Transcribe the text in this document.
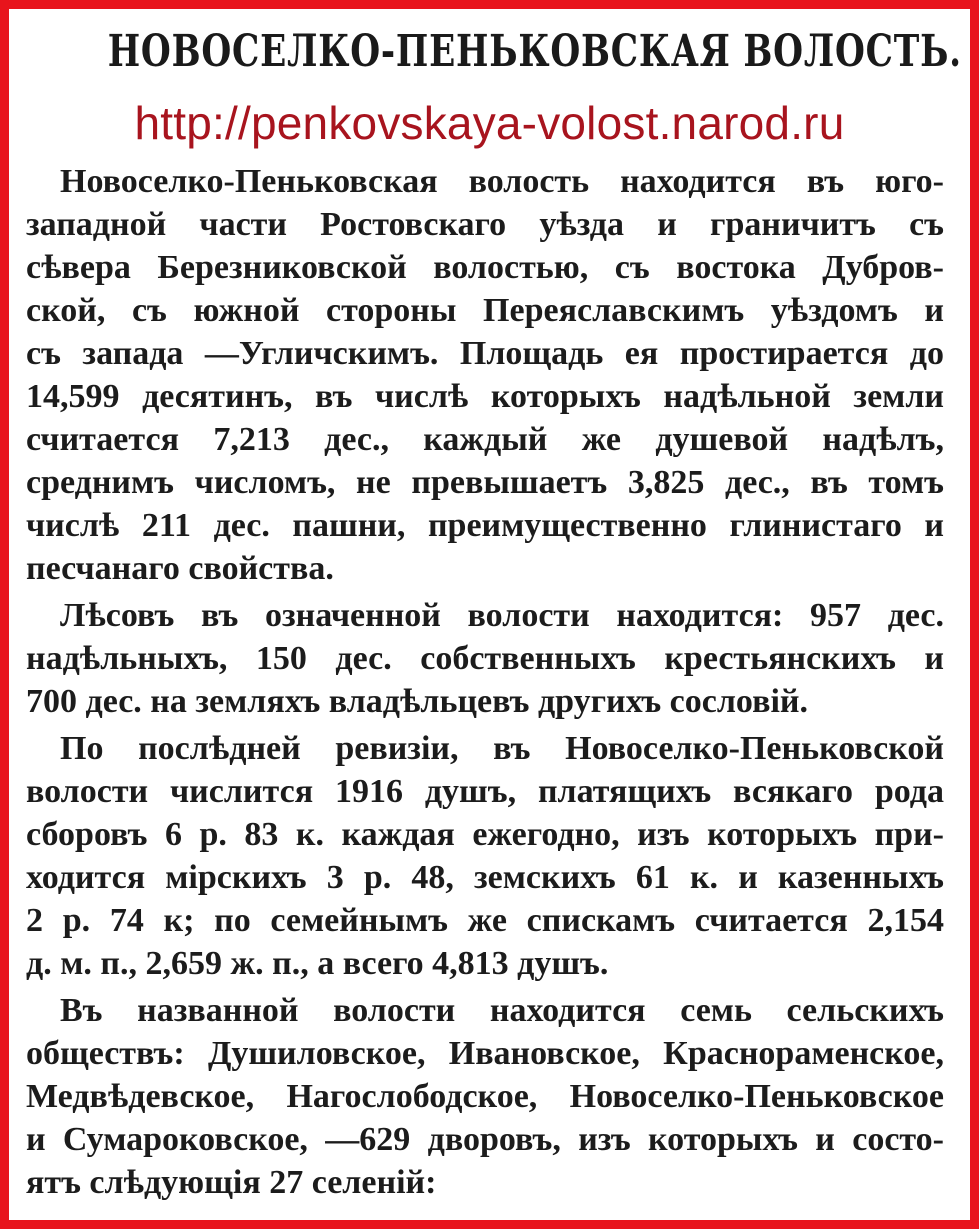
НОВОСЕЛКО-ПЕНЬКОВСКАЯ ВОЛОСТЬ.
http://penkovskaya-volost.narod.ru
Новоселко-Пеньковская волость находится въ юго-
западной части Ростовскаго уѣзда и граничитъ съ
сѣвера Березниковской волостью, съ востока Дубров-
ской, съ южной стороны Переяславскимъ уѣздомъ и
съ запада —Угличскимъ. Площадь ея простирается до
14,599 десятинъ, въ числѣ которыхъ надѣльной земли
считается 7,213 дес., каждый же душевой надѣлъ,
среднимъ числомъ, не превышаетъ 3,825 дес., въ томъ
числѣ 211 дес. пашни, преимущественно глинистаго и
песчанаго свойства.
Лѣсовъ въ означенной волости находится: 957 дес.
надѣльныхъ, 150 дес. собственныхъ крестьянскихъ и
700 дес. на земляхъ владѣльцевъ другихъ сословій.
По послѣдней ревизіи, въ Новоселко-Пеньковской
волости числится 1916 душъ, платящихъ всякаго рода
сборовъ 6 р. 83 к. каждая ежегодно, изъ которыхъ при-
ходится мірскихъ 3 р. 48, земскихъ 61 к. и казенныхъ
2 р. 74 к; по семейнымъ же спискамъ считается 2,154
д. м. п., 2,659 ж. п., а всего 4,813 душъ.
Въ названной волости находится семь сельскихъ
обществъ: Душиловское, Ивановское, Краснораменское,
Медвѣдевское, Нагослободское, Новоселко-Пеньковское
и Сумароковское, —629 дворовъ, изъ которыхъ и состо-
ятъ слѣдующія 27 селеній:
